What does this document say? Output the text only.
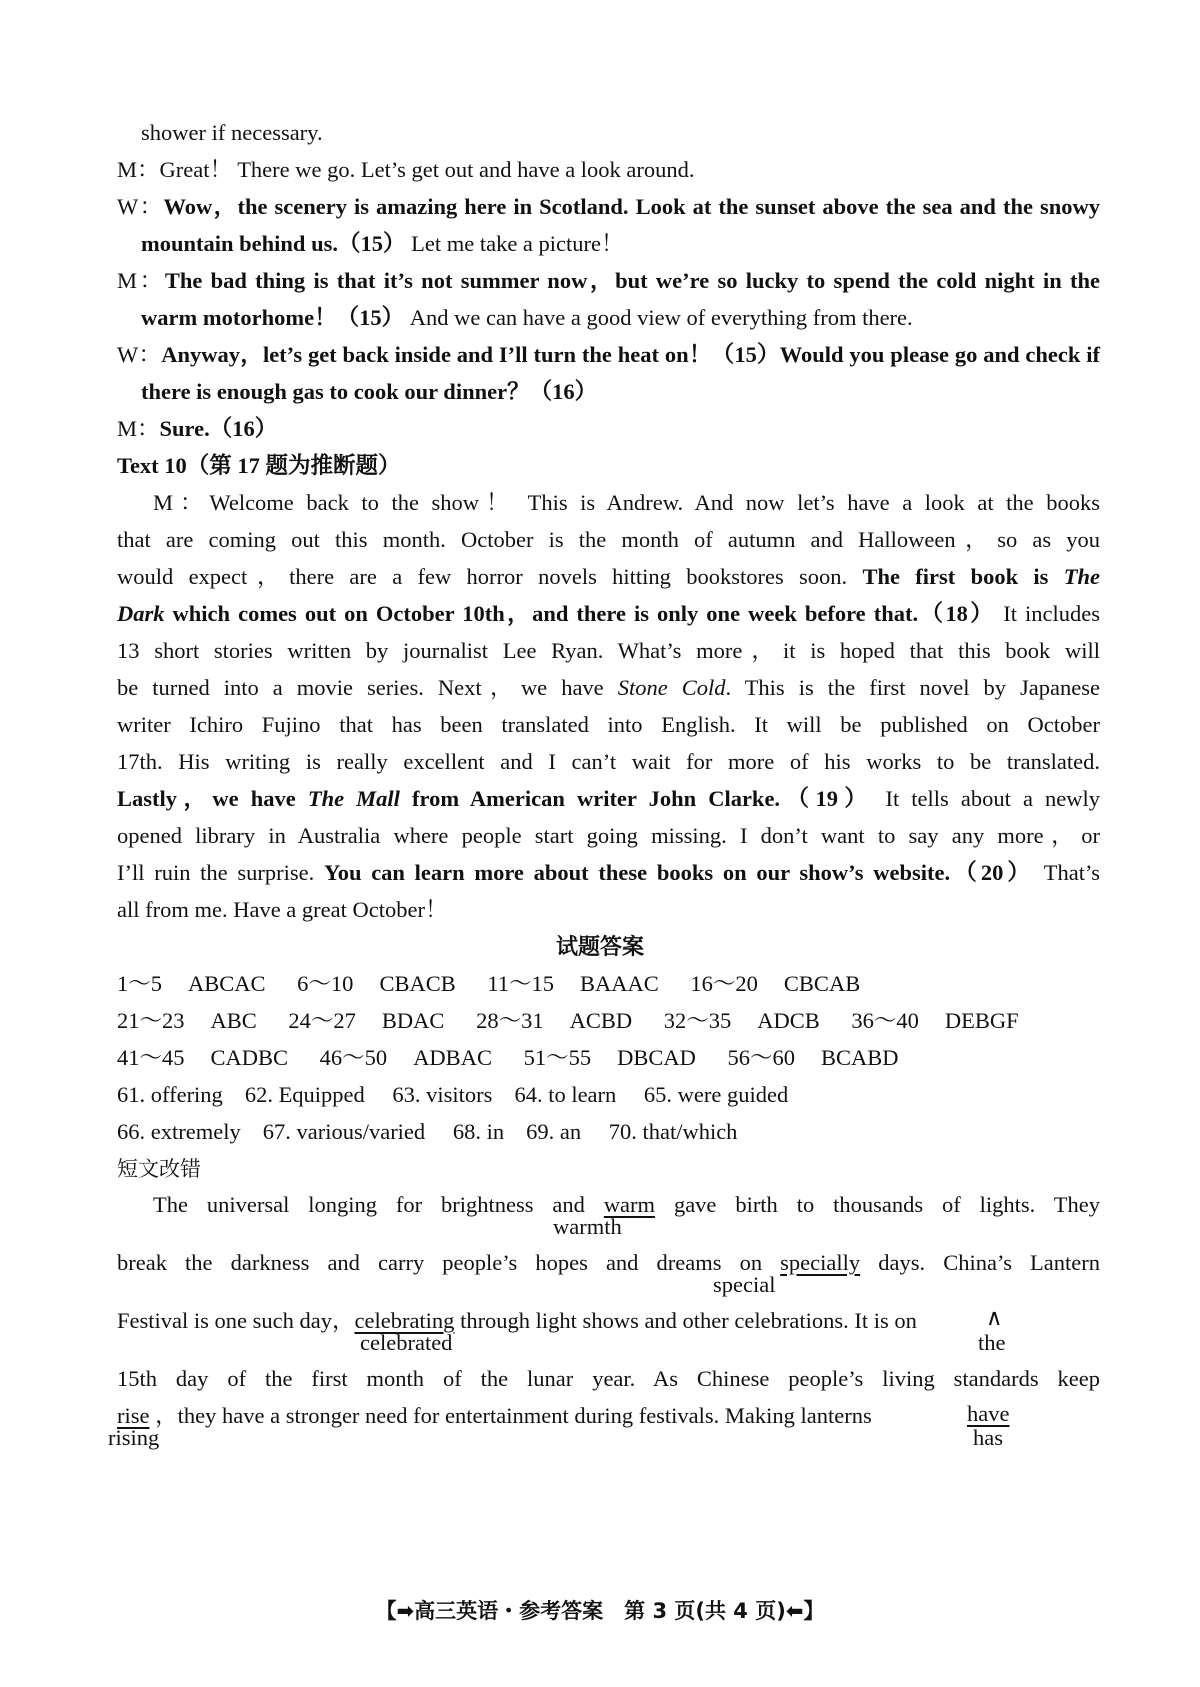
shower if necessary.
M：Great！ There we go. Let’s get out and have a look around.
W：Wow，the scenery is amazing here in Scotland. Look at the sunset above the sea and the snowy
mountain behind us.（15） Let me take a picture！
M：The bad thing is that it’s not summer now，but we’re so lucky to spend the cold night in the
warm motorhome！（15） And we can have a good view of everything from there.
W：Anyway，let’s get back inside and I’ll turn the heat on！（15）Would you please go and check if
there is enough gas to cook our dinner？（16）
M：Sure.（16）
Text 10（第 17 题为推断题）
M：Welcome back to the show！ This is Andrew. And now let’s have a look at the books
that are coming out this month. October is the month of autumn and Halloween，so as you
would expect，there are a few horror novels hitting bookstores soon. The first book is The
Dark which comes out on October 10th，and there is only one week before that.（18） It includes
13 short stories written by journalist Lee Ryan. What’s more，it is hoped that this book will
be turned into a movie series. Next，we have Stone Cold. This is the first novel by Japanese
writer Ichiro Fujino that has been translated into English. It will be published on October
17th. His writing is really excellent and I can’t wait for more of his works to be translated.
Lastly，we have The Mall from American writer John Clarke.（19） It tells about a newly
opened library in Australia where people start going missing. I don’t want to say any more，or
I’ll ruin the surprise. You can learn more about these books on our show’s website.（20） That’s
all from me. Have a great October！
试题答案
1～5 ABCAC 6～10 CBACB 11～15 BAAAC 16～20 CBCAB
21～23 ABC 24～27 BDAC 28～31 ACBD 32～35 ADCB 36～40 DEBGF
41～45 CADBC 46～50 ADBAC 51～55 DBCAD 56～60 BCABD
61. offering 62. Equipped 63. visitors 64. to learn 65. were guided
66. extremely 67. various/varied 68. in 69. an 70. that/which
短文改错
The universal longing for brightness and warm gave birth to thousands of lights. They
warmth
break the darkness and carry people’s hopes and dreams on specially days. China’s Lantern
special
Festival is one such day，celebrating through light shows and other celebrations. It is on	∧
celebrated	the
15th day of the first month of the lunar year. As Chinese people’s living standards keep
rise ，they have a stronger need for entertainment during festivals. Making lanterns	have
rising	has
【➡高三英语・参考答案　第 3 页(共 4 页)⬅】
